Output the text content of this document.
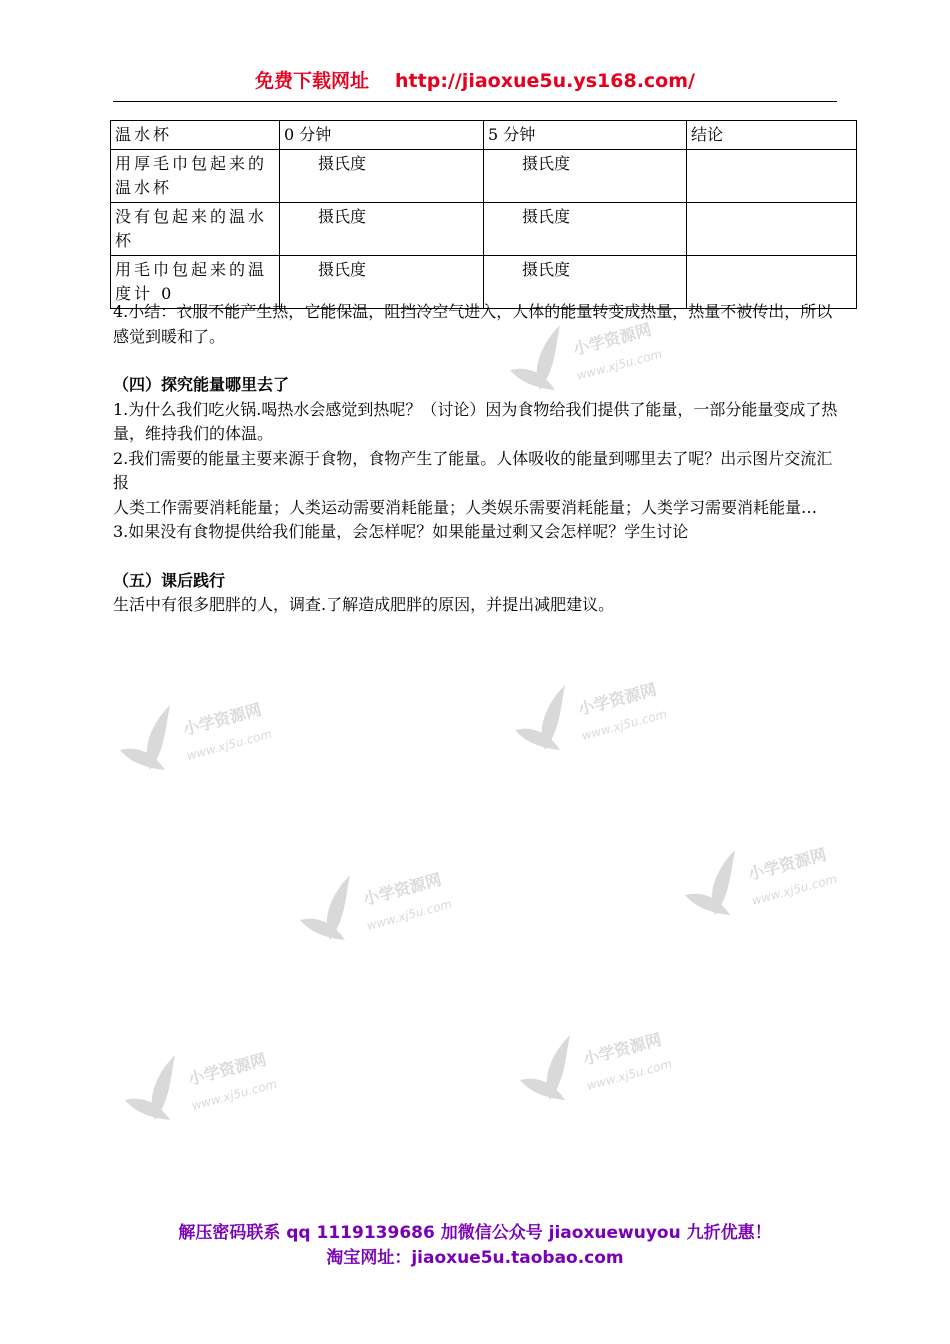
免费下载网址 http://jiaoxue5u.ys168.com/
温水杯	0 分钟	5 分钟	结论
用厚毛巾包起来的温水杯	摄氏度	摄氏度	
没有包起来的温水杯	摄氏度	摄氏度	
用毛巾包起来的温度计 0	摄氏度	摄氏度	

4.小结：衣服不能产生热，它能保温，阻挡冷空气进入，人体的能量转变成热量，热量不被传出，所以感觉到暖和了。

（四）探究能量哪里去了

1.为什么我们吃火锅.喝热水会感觉到热呢？（讨论）因为食物给我们提供了能量，一部分能量变成了热量，维持我们的体温。

2.我们需要的能量主要来源于食物，食物产生了能量。人体吸收的能量到哪里去了呢？出示图片交流汇报

人类工作需要消耗能量；人类运动需要消耗能量；人类娱乐需要消耗能量；人类学习需要消耗能量…

3.如果没有食物提供给我们能量，会怎样呢？如果能量过剩又会怎样呢？学生讨论

（五）课后践行

生活中有很多肥胖的人，调查.了解造成肥胖的原因，并提出减肥建议。

小学资源网
www.xj5u.com
小学资源网
www.xj5u.com
小学资源网
www.xj5u.com
小学资源网
www.xj5u.com
小学资源网
www.xj5u.com
小学资源网
www.xj5u.com
小学资源网
www.xj5u.com
解压密码联系 qq 1119139686 加微信公众号 jiaoxuewuyou 九折优惠！
淘宝网址：jiaoxue5u.taobao.com
